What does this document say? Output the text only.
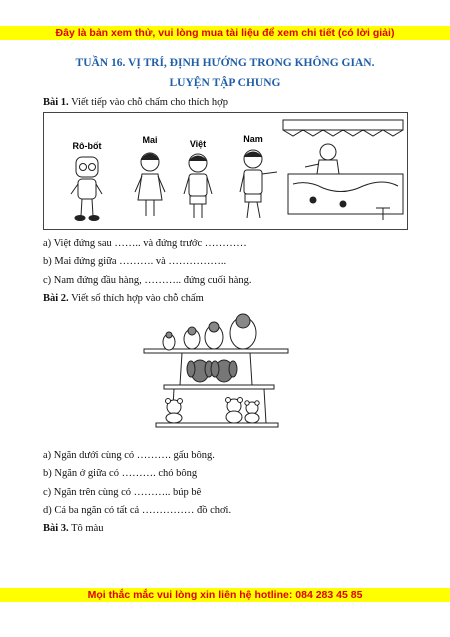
Đây là bản xem thử, vui lòng mua tài liệu để xem chi tiết (có lời giải)
TUẦN 16. VỊ TRÍ, ĐỊNH HƯỚNG TRONG KHÔNG GIAN.
LUYỆN TẬP CHUNG
Bài 1. Viết tiếp vào chỗ chấm cho thích hợp
Rô-bốt
Mai	Việt	Nam
a) Việt đứng sau …….. và đứng trước …………
b) Mai đứng giữa ………. và ……………..
c) Nam đứng đầu hàng, ……….. đứng cuối hàng.
Bài 2. Viết số thích hợp vào chỗ chấm
a) Ngăn dưới cùng có ………. gấu bông.
b) Ngăn ở giữa có ………. chó bông
c) Ngăn trên cùng có ……….. búp bê
d) Cả ba ngăn có tất cả …………… đồ chơi.
Bài 3. Tô màu
Mọi thắc mắc vui lòng xin liên hệ hotline: 084 283 45 85
